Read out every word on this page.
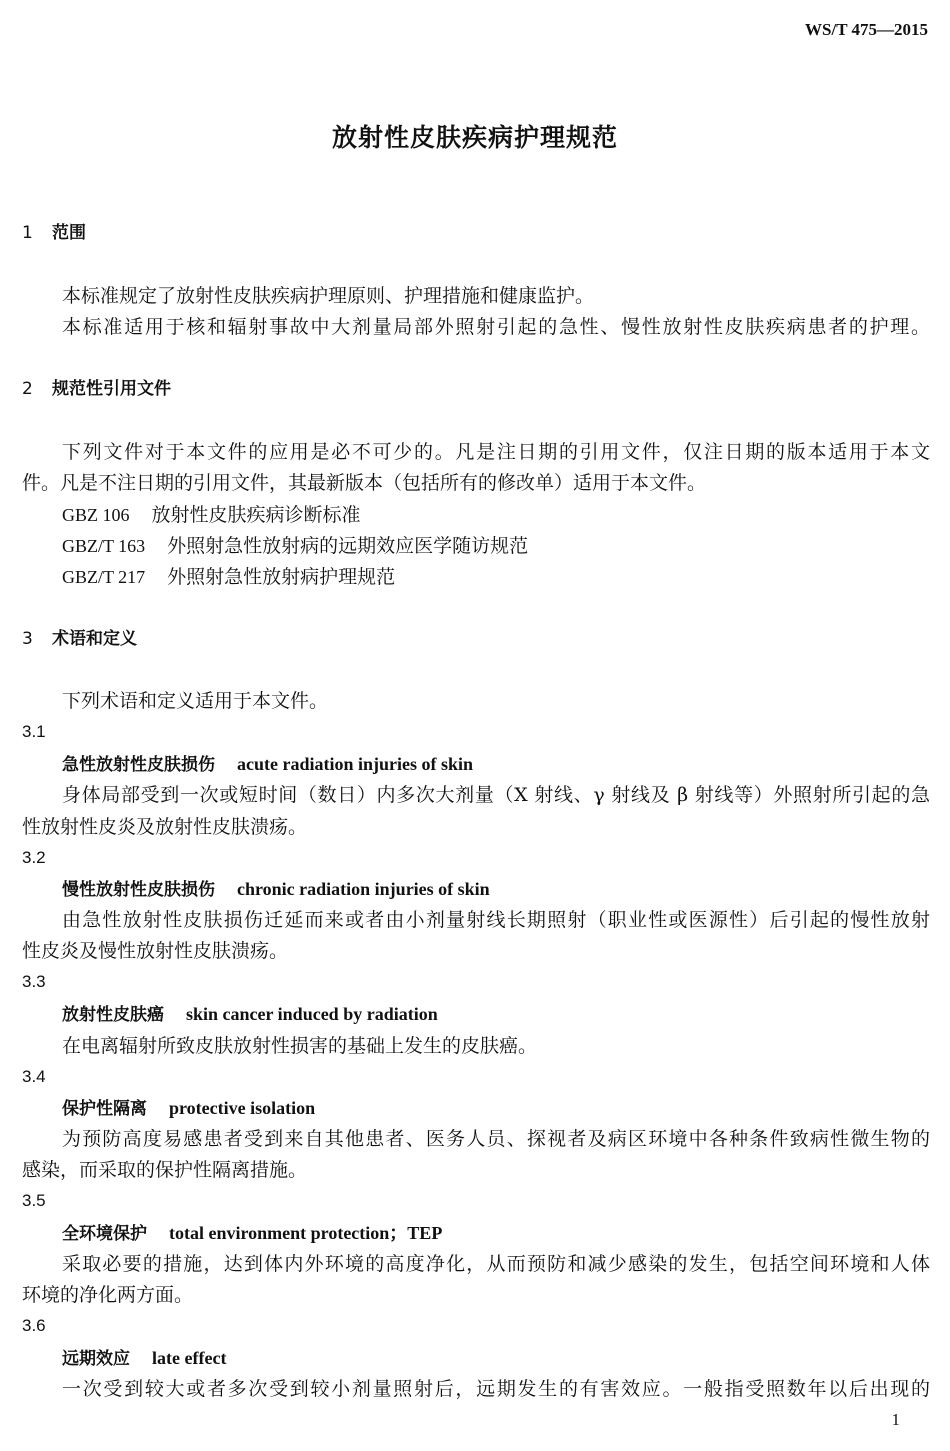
WS/T 475—2015
放射性皮肤疾病护理规范
1 范围
本标准规定了放射性皮肤疾病护理原则、护理措施和健康监护。
本标准适用于核和辐射事故中大剂量局部外照射引起的急性、慢性放射性皮肤疾病患者的护理。
2 规范性引用文件
下列文件对于本文件的应用是必不可少的。凡是注日期的引用文件，仅注日期的版本适用于本文
件。凡是不注日期的引用文件，其最新版本（包括所有的修改单）适用于本文件。
GBZ 106 放射性皮肤疾病诊断标准
GBZ/T 163 外照射急性放射病的远期效应医学随访规范
GBZ/T 217 外照射急性放射病护理规范
3 术语和定义
下列术语和定义适用于本文件。
3.1
急性放射性皮肤损伤 acute radiation injuries of skin
身体局部受到一次或短时间（数日）内多次大剂量（X 射线、γ 射线及 β 射线等）外照射所引起的急
性放射性皮炎及放射性皮肤溃疡。
3.2
慢性放射性皮肤损伤 chronic radiation injuries of skin
由急性放射性皮肤损伤迁延而来或者由小剂量射线长期照射（职业性或医源性）后引起的慢性放射
性皮炎及慢性放射性皮肤溃疡。
3.3
放射性皮肤癌 skin cancer induced by radiation
在电离辐射所致皮肤放射性损害的基础上发生的皮肤癌。
3.4
保护性隔离 protective isolation
为预防高度易感患者受到来自其他患者、医务人员、探视者及病区环境中各种条件致病性微生物的
感染，而采取的保护性隔离措施。
3.5
全环境保护 total environment protection；TEP
采取必要的措施，达到体内外环境的高度净化，从而预防和减少感染的发生，包括空间环境和人体
环境的净化两方面。
3.6
远期效应 late effect
一次受到较大或者多次受到较小剂量照射后，远期发生的有害效应。一般指受照数年以后出现的
1
